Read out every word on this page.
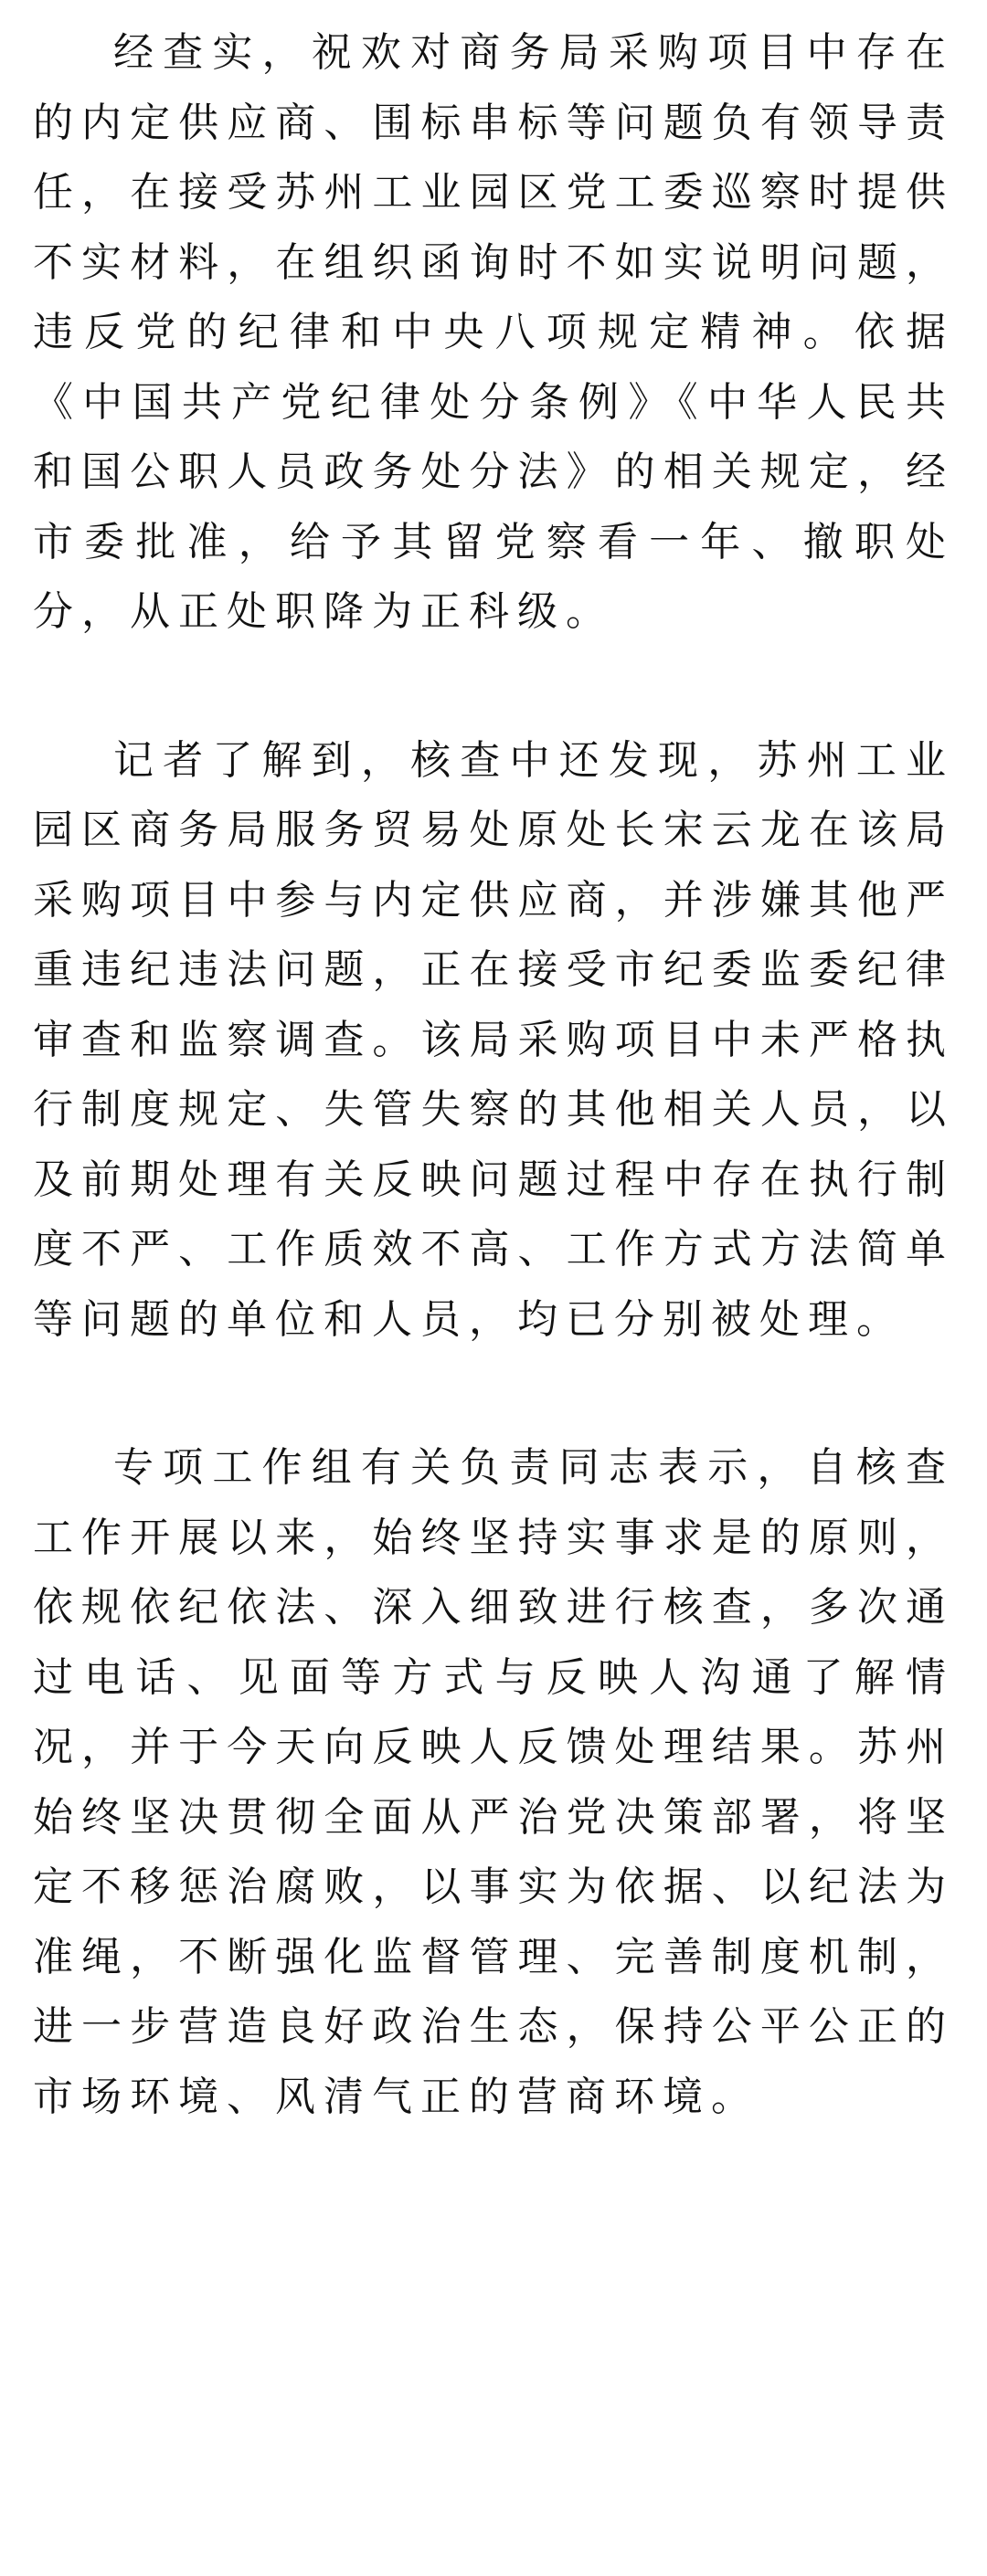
经查实，祝欢对商务局采购项目中存在的内定供应商、围标串标等问题负有领导责任，在接受苏州工业园区党工委巡察时提供不实材料，在组织函询时不如实说明问题，违反党的纪律和中央八项规定精神。依据《中国共产党纪律处分条例》《中华人民共和国公职人员政务处分法》的相关规定，经市委批准，给予其留党察看一年、撤职处分，从正处职降为正科级。

记者了解到，核查中还发现，苏州工业园区商务局服务贸易处原处长宋云龙在该局采购项目中参与内定供应商，并涉嫌其他严重违纪违法问题，正在接受市纪委监委纪律审查和监察调查。该局采购项目中未严格执行制度规定、失管失察的其他相关人员，以及前期处理有关反映问题过程中存在执行制度不严、工作质效不高、工作方式方法简单等问题的单位和人员，均已分别被处理。

专项工作组有关负责同志表示，自核查工作开展以来，始终坚持实事求是的原则，依规依纪依法、深入细致进行核查，多次通过电话、见面等方式与反映人沟通了解情况，并于今天向反映人反馈处理结果。苏州始终坚决贯彻全面从严治党决策部署，将坚定不移惩治腐败，以事实为依据、以纪法为准绳，不断强化监督管理、完善制度机制，进一步营造良好政治生态，保持公平公正的市场环境、风清气正的营商环境。
